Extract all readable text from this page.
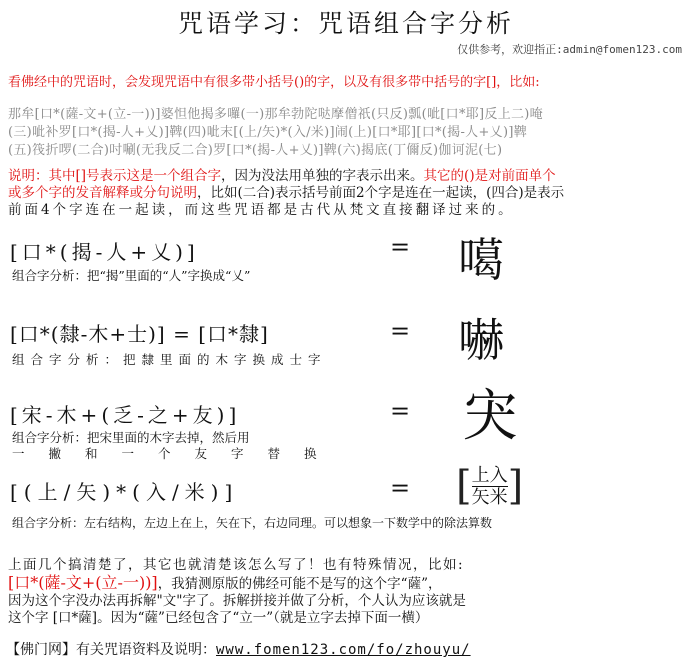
咒语学习：咒语组合字分析
仅供参考，欢迎指正:admin@fomen123.com
看佛经中的咒语时，会发现咒语中有很多带小括号()的字，以及有很多带中括号的字[]，比如:
那牟[口*(薩-文+(立-一))]婆怛他揭多囉(一)那牟勃陀哒摩僧祇(只反)瓢(呲[口*耶]反上二)唵
(三)呲补罗[口*(揭-人+乂)]鞞(四)呲末[(上/矢)*(入/米)]闹(上)[口*耶][口*(揭-人+乂)]鞞
(五)筏折啰(二合)吋唰(无我反二合)罗[口*(揭-人+乂)]鞞(六)揭底(丁儞反)伽诃泥(七)
说明：其中[]号表示这是一个组合字，因为没法用单独的字表示出来。其它的()是对前面单个
或多个字的发音解释或分句说明，比如(二合)表示括号前面2个字是连在一起读，(四合)是表示
前面4个字连在一起读，而这些咒语都是古代从梵文直接翻译过来的。
[口*(揭-人+乂)]	= 噶
组合字分析：把“揭”里面的“人”字换成“乂”
[口*(隸-木+士)] = [口*隸]	= 嚇
组合字分析：把隸里面的木字换成士字
[宋-木+(乏-之+友)]	= 宊
组合字分析：把宋里面的木字去掉，然后用
一撇和一个友字替换
[(上/矢)*(入/米)]	= [ 上入
矢米 ]
组合字分析：左右结构，左边上在上，矢在下，右边同理。可以想象一下数学中的除法算数
上面几个搞清楚了，其它也就清楚该怎么写了！也有特殊情况，比如:
[口*(薩-文+(立-一))]，我猜测原版的佛经可能不是写的这个字“薩”，
因为这个字没办法再拆解"文"字了。拆解拼接并做了分析，个人认为应该就是
这个字 [口*薩]。因为“薩”已经包含了“立一”（就是立字去掉下面一横）
【佛门网】有关咒语资料及说明：www.fomen123.com/fo/zhouyu/
